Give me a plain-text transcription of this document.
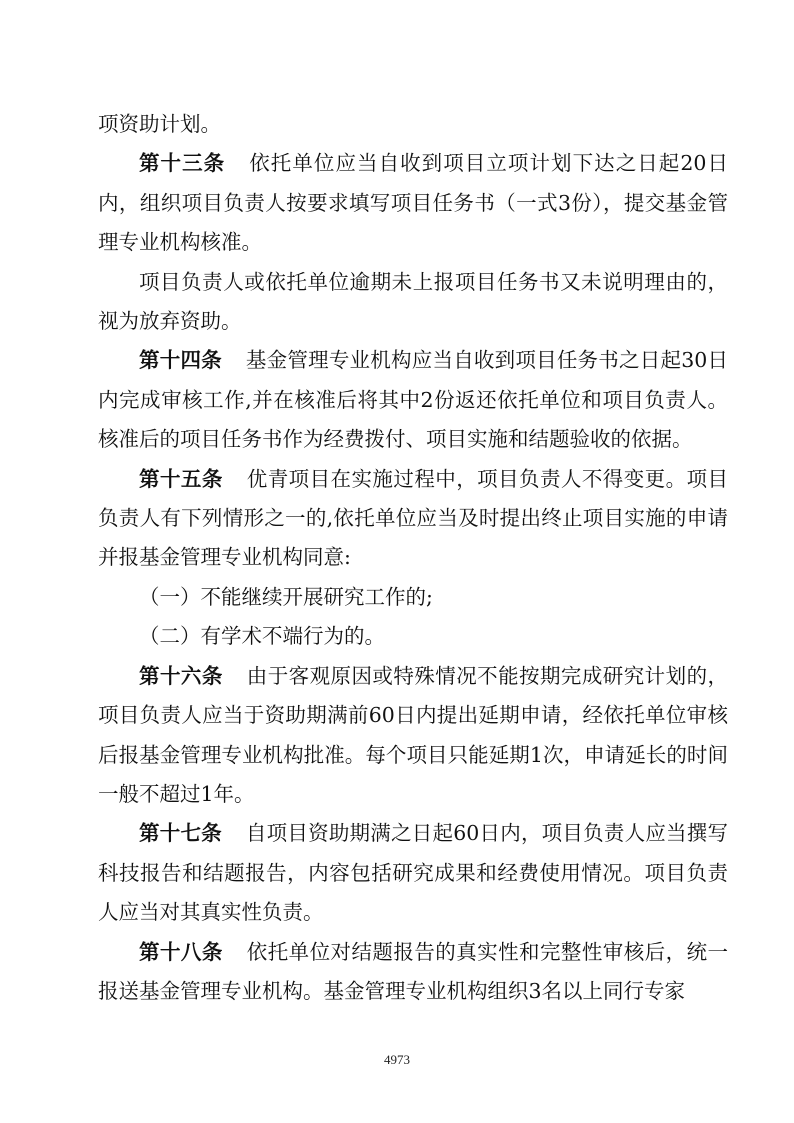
项资助计划。

第十三条 依托单位应当自收到项目立项计划下达之日起20日内，组织项目负责人按要求填写项目任务书（一式3份），提交基金管理专业机构核准。

项目负责人或依托单位逾期未上报项目任务书又未说明理由的，视为放弃资助。

第十四条 基金管理专业机构应当自收到项目任务书之日起30日内完成审核工作,并在核准后将其中2份返还依托单位和项目负责人。核准后的项目任务书作为经费拨付、项目实施和结题验收的依据。

第十五条 优青项目在实施过程中，项目负责人不得变更。项目负责人有下列情形之一的,依托单位应当及时提出终止项目实施的申请并报基金管理专业机构同意:

（一）不能继续开展研究工作的;

（二）有学术不端行为的。

第十六条 由于客观原因或特殊情况不能按期完成研究计划的，项目负责人应当于资助期满前60日内提出延期申请，经依托单位审核后报基金管理专业机构批准。每个项目只能延期1次，申请延长的时间一般不超过1年。

第十七条 自项目资助期满之日起60日内，项目负责人应当撰写科技报告和结题报告，内容包括研究成果和经费使用情况。项目负责人应当对其真实性负责。

第十八条 依托单位对结题报告的真实性和完整性审核后，统一报送基金管理专业机构。基金管理专业机构组织3名以上同行专家

4973
